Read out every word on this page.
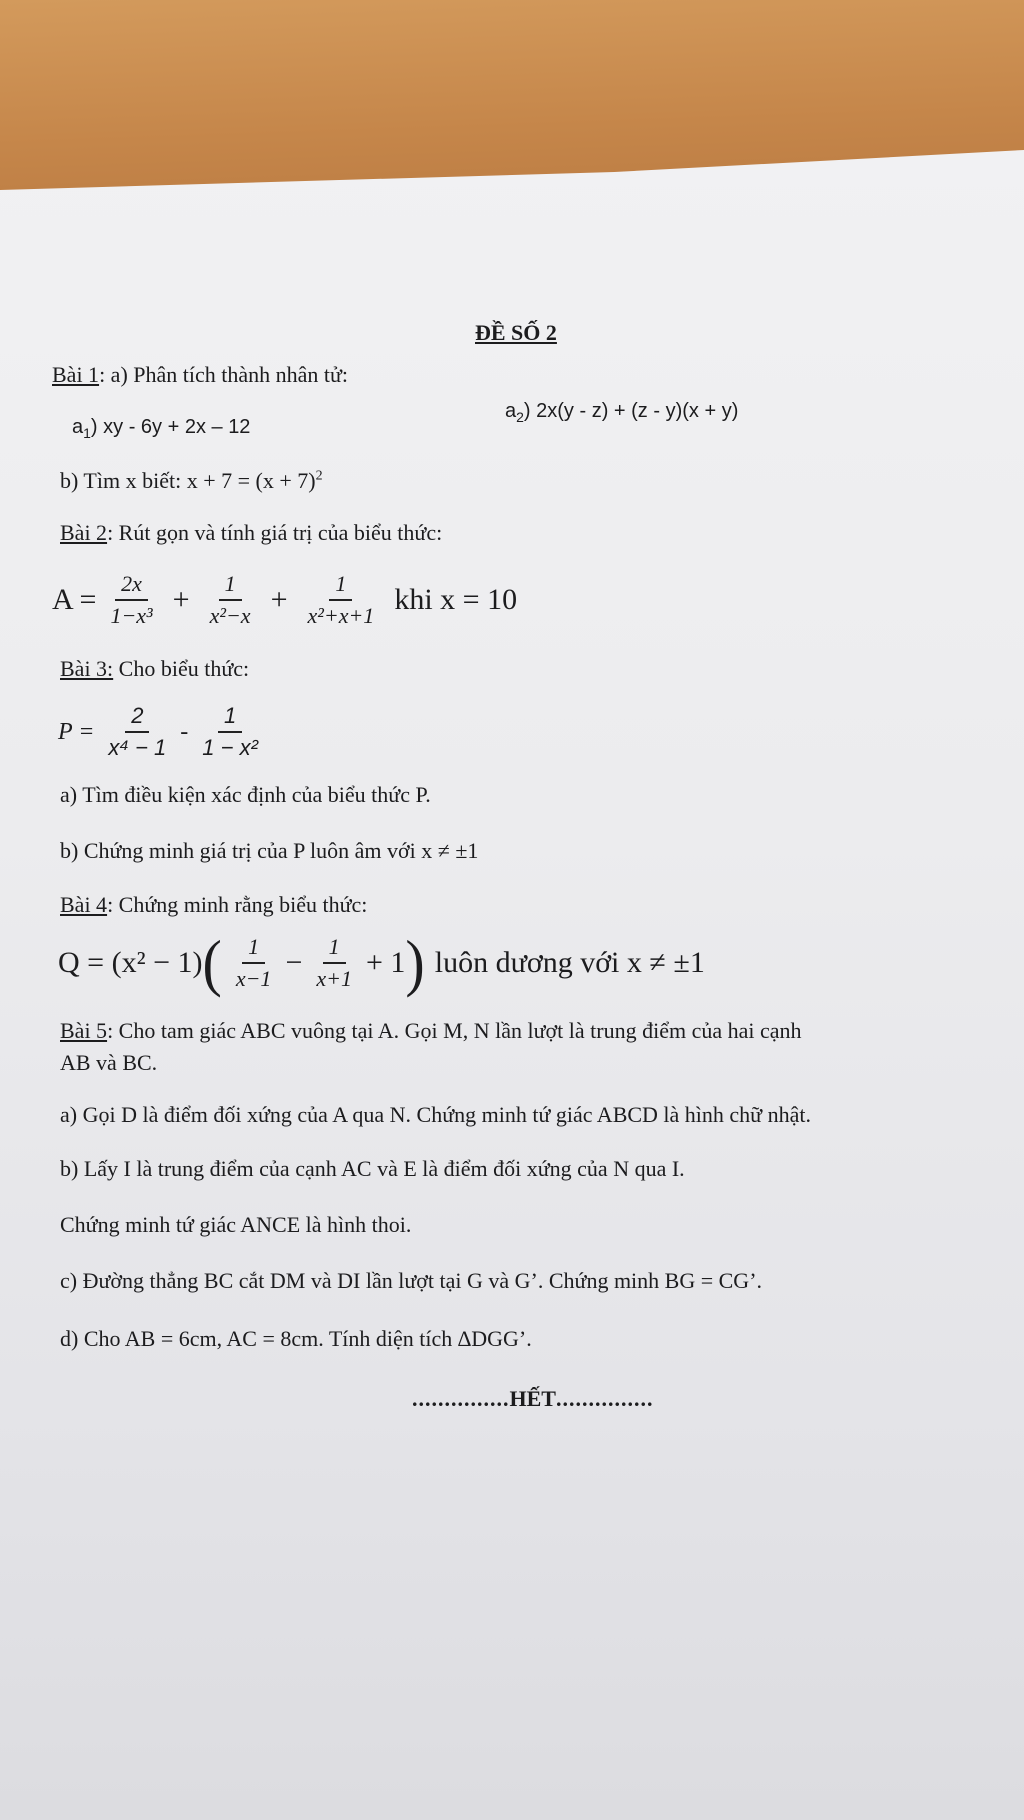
ĐỀ SỐ 2
Bài 1: a) Phân tích thành nhân tử:
$a_1$) xy - 6y + 2x – 12
$a_2$) 2x(y - z) + (z - y)(x + y)
b) Tìm x biết: $x + 7 = (x + 7)^2$
Bài 2: Rút gọn và tính giá trị của biểu thức:
$A = \frac{2x}{\text{1−x³}} + \frac{1}{\text{x²−x}} + \frac{1}{\text{x²+x+1}}$ khi x = 10
Bài 3: Cho biểu thức:
$P = \frac{2}{\text{x⁴ − 1}} - \frac{1}{\text{1 − x²}}$
a) Tìm điều kiện xác định của biểu thức P.
b) Chứng minh giá trị của P luôn âm với x ≠ ±1
Bài 4: Chứng minh rằng biểu thức:
Q = (x² − 1) ( $\frac{1}{x-1} - \frac{1}{x+1} + 1$ ) luôn dương với x ≠ ±1
Bài 5: Cho tam giác ABC vuông tại A. Gọi M, N lần lượt là trung điểm của hai cạnh
AB và BC.
a) Gọi D là điểm đối xứng của A qua N. Chứng minh tứ giác ABCD là hình chữ nhật.
b) Lấy I là trung điểm của cạnh AC và E là điểm đối xứng của N qua I.
Chứng minh tứ giác ANCE là hình thoi.
c) Đường thẳng BC cắt DM và DI lần lượt tại G và G’. Chứng minh BG = CG’.
d) Cho AB = 6cm, AC = 8cm. Tính diện tích ∆DGG’.
...............HẾT...............
